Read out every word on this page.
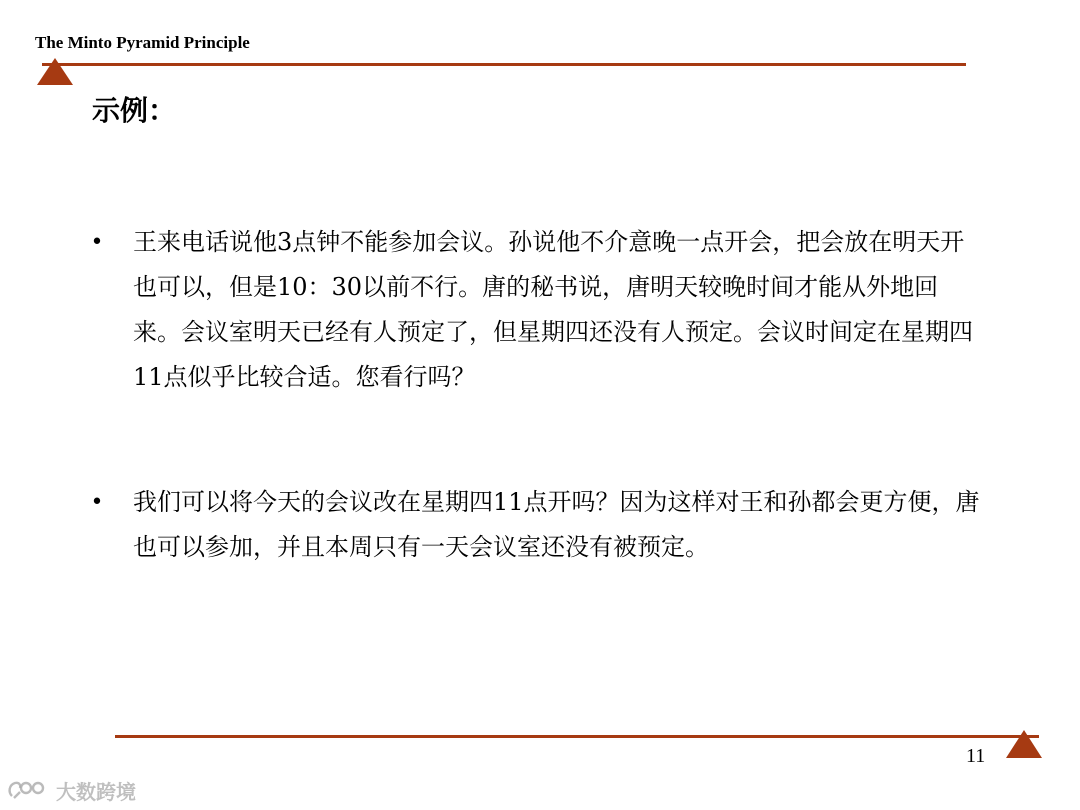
The Minto Pyramid Principle
示例：
• 王来电话说他3点钟不能参加会议。孙说他不介意晚一点开会，把会放在明天开也可以，但是10：30以前不行。唐的秘书说，唐明天较晚时间才能从外地回来。会议室明天已经有人预定了，但星期四还没有人预定。会议时间定在星期四11点似乎比较合适。您看行吗？
• 我们可以将今天的会议改在星期四11点开吗？因为这样对王和孙都会更方便，唐也可以参加，并且本周只有一天会议室还没有被预定。
11
大数跨境
